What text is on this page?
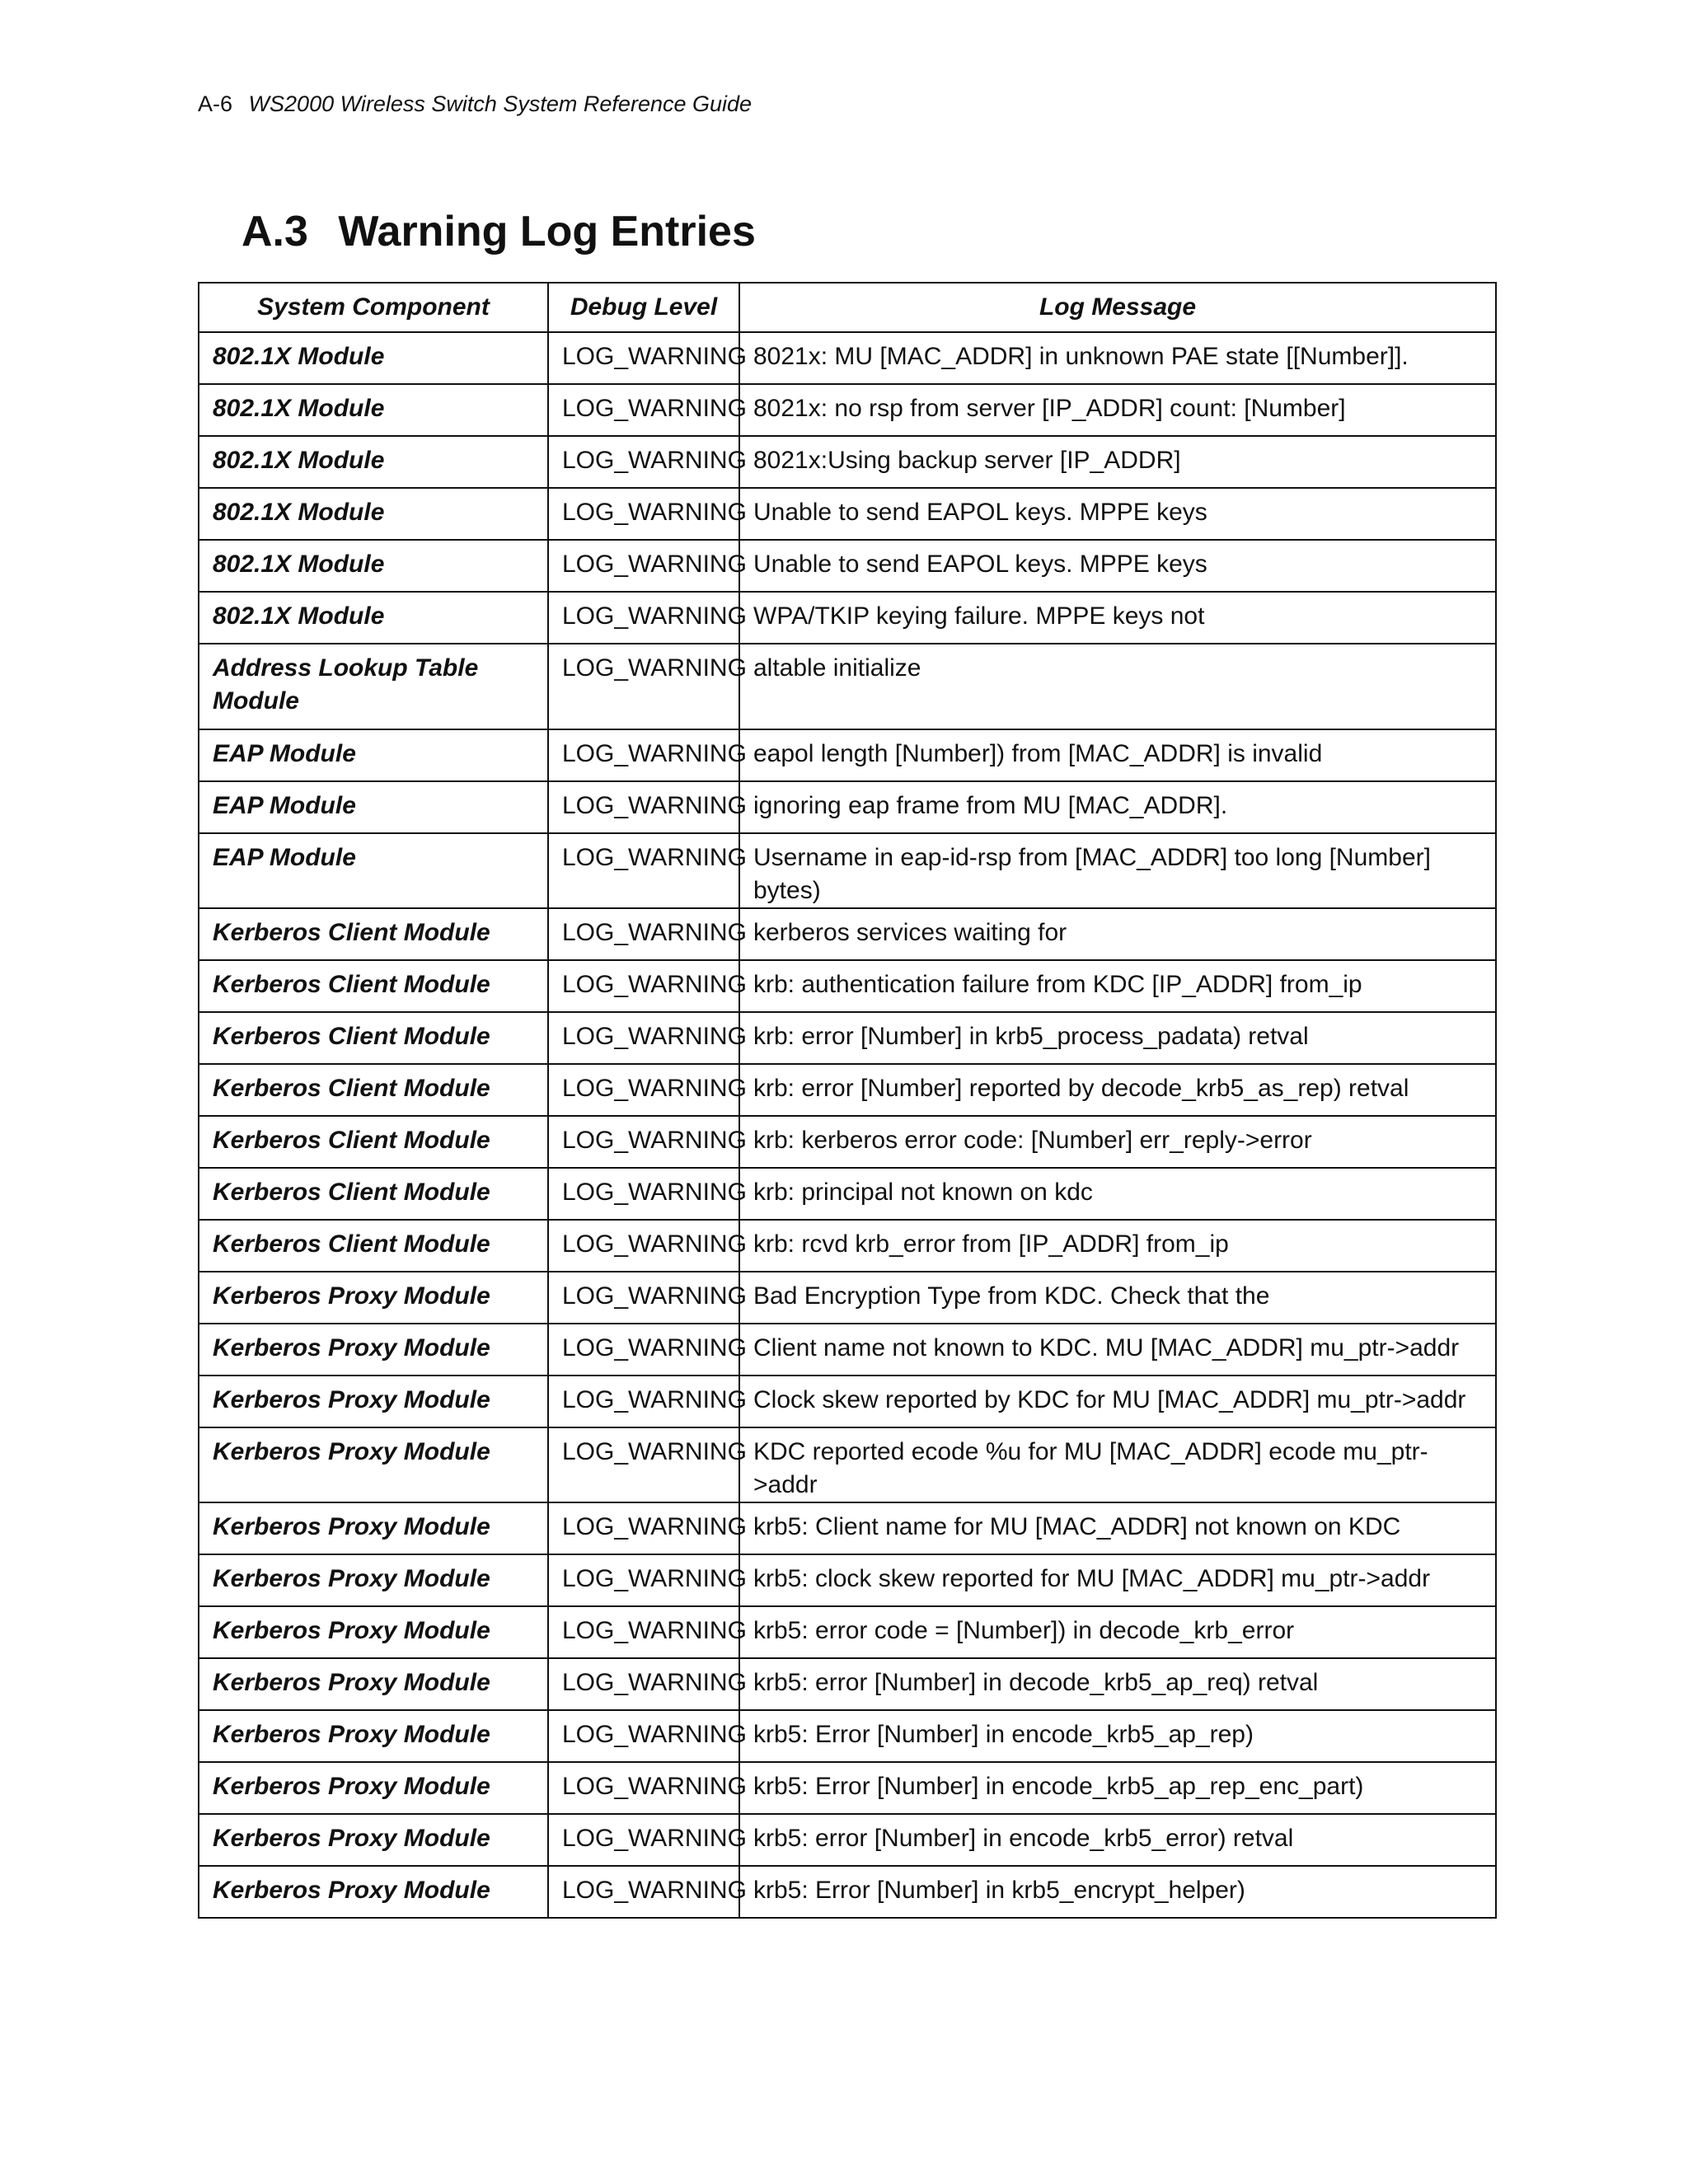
A-6 WS2000 Wireless Switch System Reference Guide
A.3 Warning Log Entries
System Component	Debug Level	Log Message
802.1X Module	LOG_WARNING	8021x: MU [MAC_ADDR] in unknown PAE state [[Number]].
802.1X Module	LOG_WARNING	8021x: no rsp from server [IP_ADDR] count: [Number]
802.1X Module	LOG_WARNING	8021x:Using backup server [IP_ADDR]
802.1X Module	LOG_WARNING	Unable to send EAPOL keys. MPPE keys
802.1X Module	LOG_WARNING	Unable to send EAPOL keys. MPPE keys
802.1X Module	LOG_WARNING	WPA/TKIP keying failure. MPPE keys not
Address Lookup Table Module	LOG_WARNING	altable initialize
EAP Module	LOG_WARNING	eapol length [Number]) from [MAC_ADDR] is invalid
EAP Module	LOG_WARNING	ignoring eap frame from MU [MAC_ADDR].
EAP Module	LOG_WARNING	Username in eap-id-rsp from [MAC_ADDR] too long [Number] bytes)
Kerberos Client Module	LOG_WARNING	kerberos services waiting for
Kerberos Client Module	LOG_WARNING	krb: authentication failure from KDC [IP_ADDR] from_ip
Kerberos Client Module	LOG_WARNING	krb: error [Number] in krb5_process_padata) retval
Kerberos Client Module	LOG_WARNING	krb: error [Number] reported by decode_krb5_as_rep) retval
Kerberos Client Module	LOG_WARNING	krb: kerberos error code: [Number] err_reply->error
Kerberos Client Module	LOG_WARNING	krb: principal not known on kdc
Kerberos Client Module	LOG_WARNING	krb: rcvd krb_error from [IP_ADDR] from_ip
Kerberos Proxy Module	LOG_WARNING	Bad Encryption Type from KDC. Check that the
Kerberos Proxy Module	LOG_WARNING	Client name not known to KDC. MU [MAC_ADDR] mu_ptr->addr
Kerberos Proxy Module	LOG_WARNING	Clock skew reported by KDC for MU [MAC_ADDR] mu_ptr->addr
Kerberos Proxy Module	LOG_WARNING	KDC reported ecode %u for MU [MAC_ADDR] ecode mu_ptr->addr
Kerberos Proxy Module	LOG_WARNING	krb5: Client name for MU [MAC_ADDR] not known on KDC
Kerberos Proxy Module	LOG_WARNING	krb5: clock skew reported for MU [MAC_ADDR] mu_ptr->addr
Kerberos Proxy Module	LOG_WARNING	krb5: error code = [Number]) in decode_krb_error
Kerberos Proxy Module	LOG_WARNING	krb5: error [Number] in decode_krb5_ap_req) retval
Kerberos Proxy Module	LOG_WARNING	krb5: Error [Number] in encode_krb5_ap_rep)
Kerberos Proxy Module	LOG_WARNING	krb5: Error [Number] in encode_krb5_ap_rep_enc_part)
Kerberos Proxy Module	LOG_WARNING	krb5: error [Number] in encode_krb5_error) retval
Kerberos Proxy Module	LOG_WARNING	krb5: Error [Number] in krb5_encrypt_helper)
